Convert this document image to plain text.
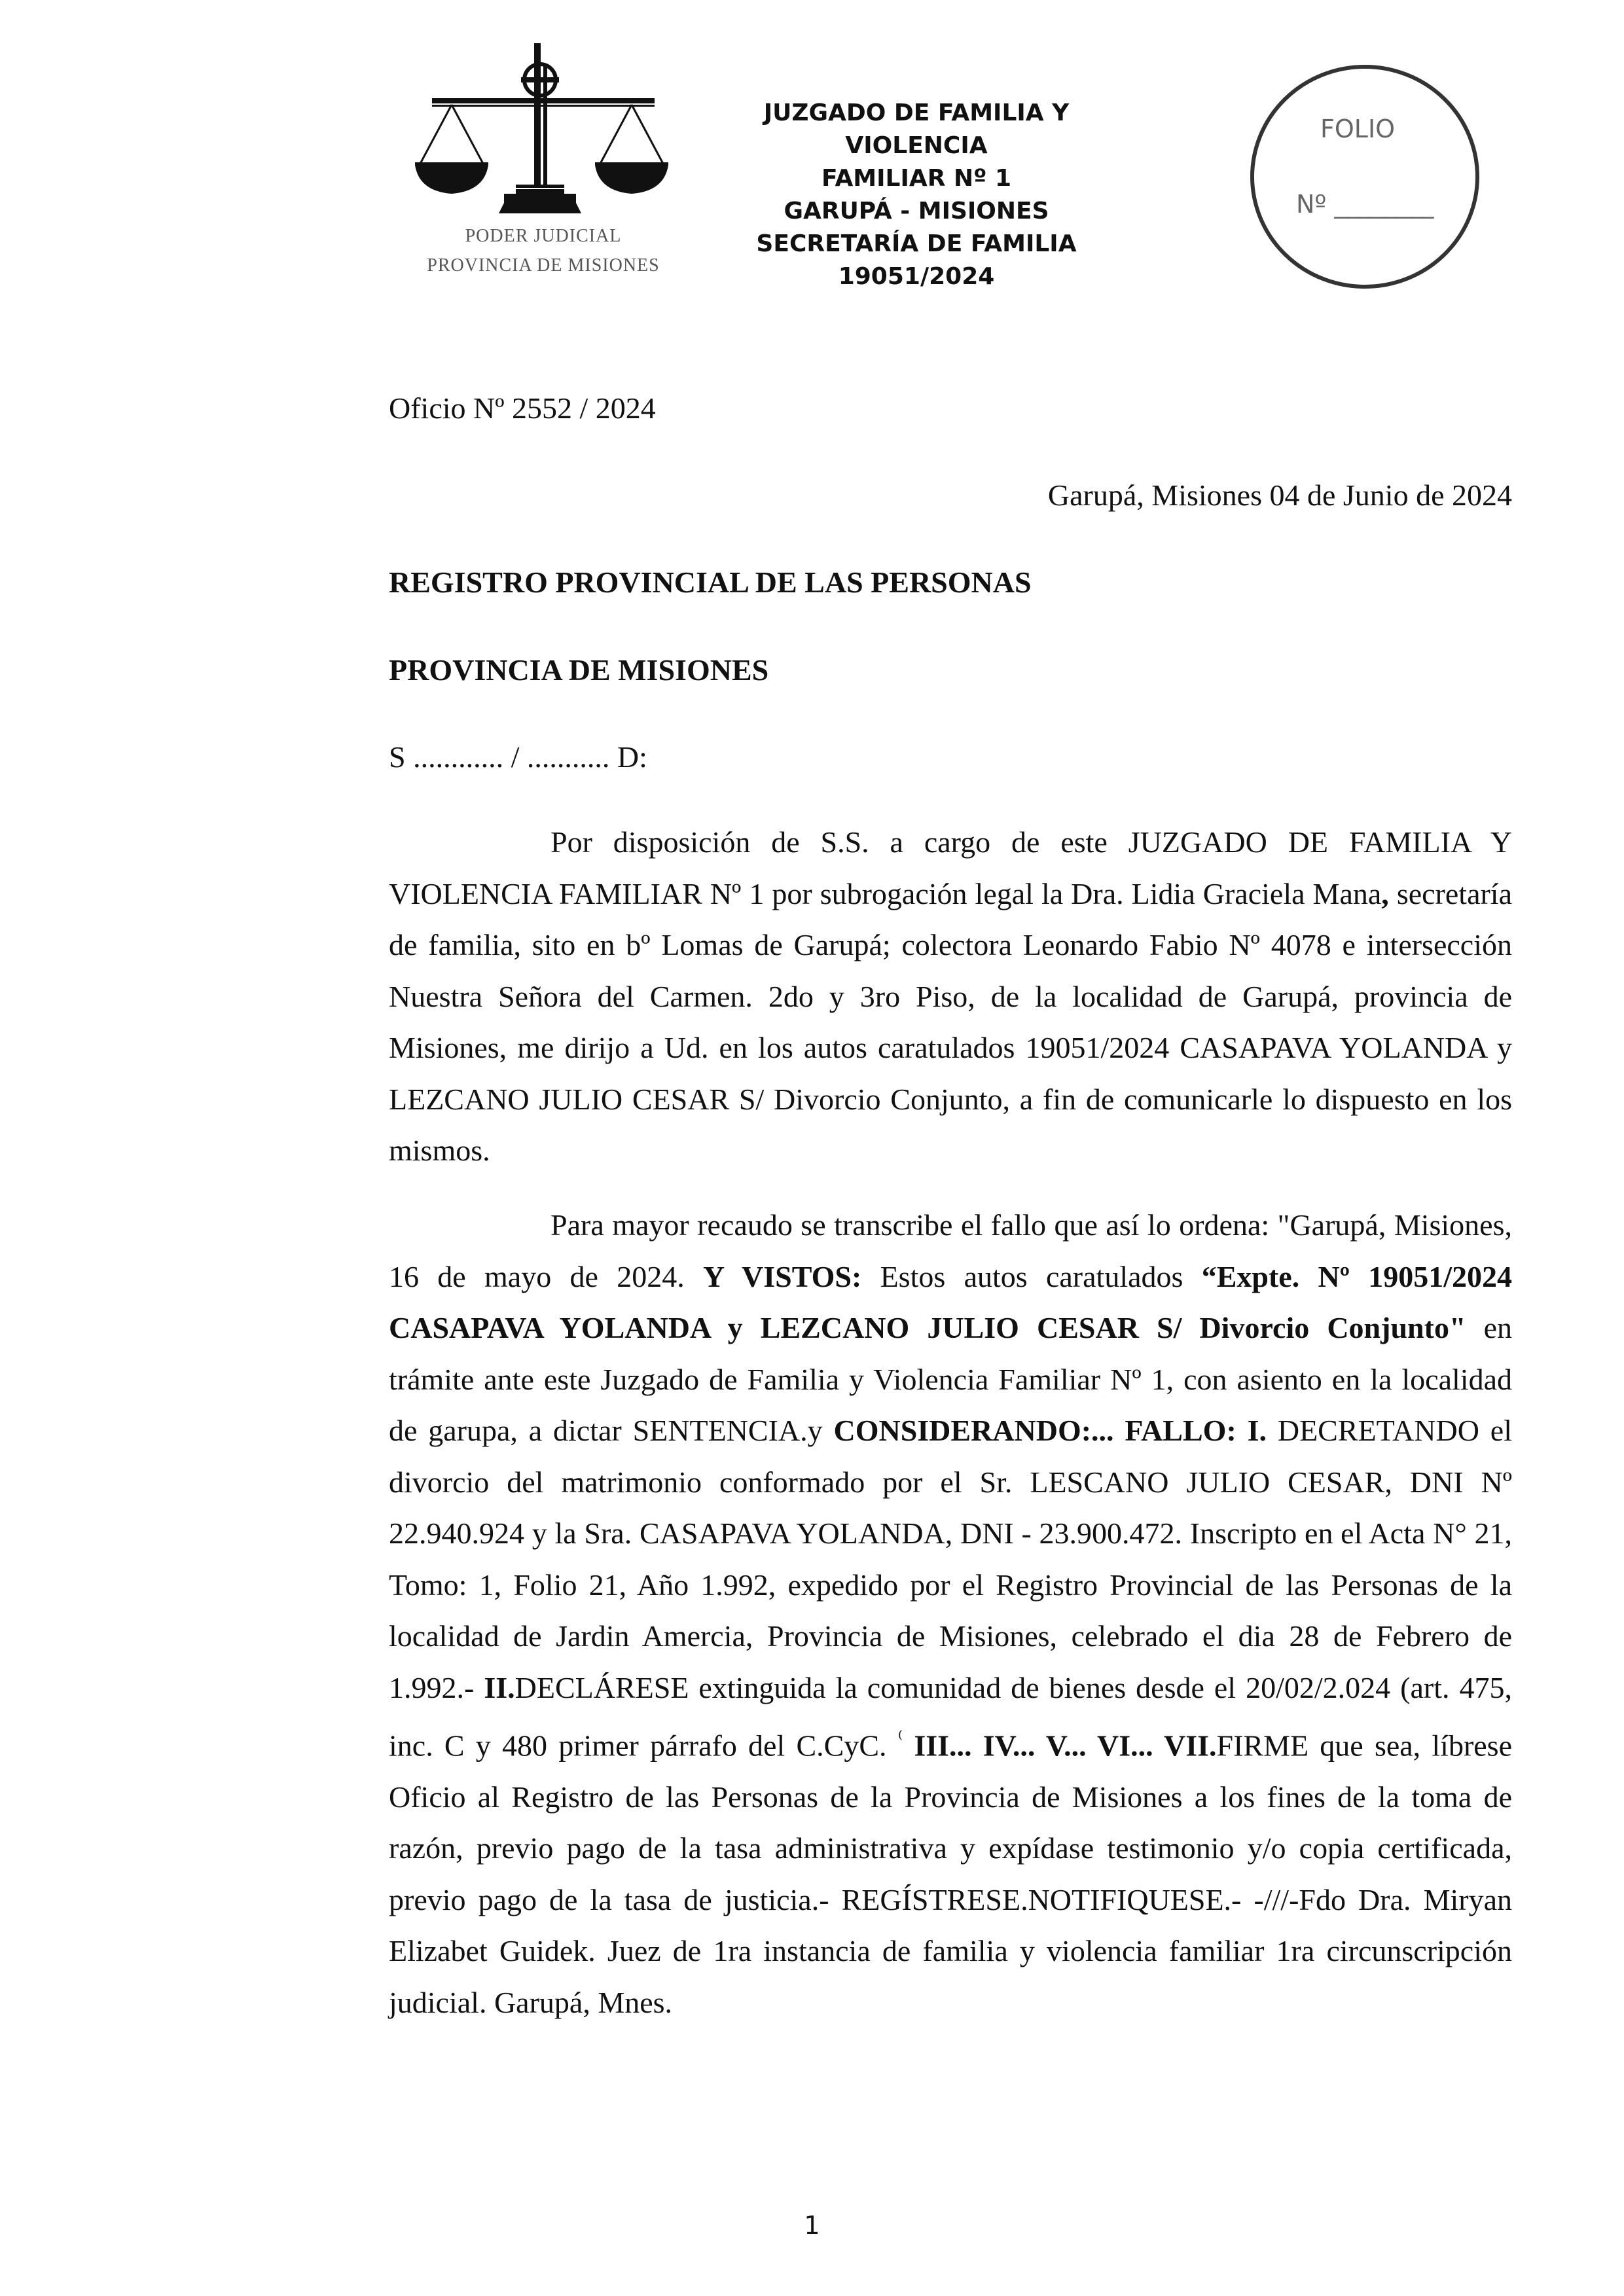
PODER JUDICIAL
PROVINCIA DE MISIONES
JUZGADO DE FAMILIA Y VIOLENCIA
FAMILIAR Nº 1
GARUPÁ - MISIONES
SECRETARÍA DE FAMILIA
19051/2024
FOLIO
Nº ________
Oficio Nº 2552 / 2024
Garupá, Misiones 04 de Junio de 2024
REGISTRO PROVINCIAL DE LAS PERSONAS
PROVINCIA DE MISIONES
S ............ / ........... D:
Por disposición de S.S. a cargo de este JUZGADO DE FAMILIA Y VIOLENCIA FAMILIAR Nº 1 por subrogación legal la Dra. Lidia Graciela Mana, secretaría de familia, sito en bº Lomas de Garupá; colectora Leonardo Fabio Nº 4078 e intersección Nuestra Señora del Carmen. 2do y 3ro Piso, de la localidad de Garupá, provincia de Misiones, me dirijo a Ud. en los autos caratulados 19051/2024 CASAPAVA YOLANDA y LEZCANO JULIO CESAR S/ Divorcio Conjunto, a fin de comunicarle lo dispuesto en los mismos.
Para mayor recaudo se transcribe el fallo que así lo ordena: "Garupá, Misiones, 16 de mayo de 2024. Y VISTOS: Estos autos caratulados “Expte. Nº 19051/2024 CASAPAVA YOLANDA y LEZCANO JULIO CESAR S/ Divorcio Conjunto" en trámite ante este Juzgado de Familia y Violencia Familiar Nº 1, con asiento en la localidad de garupa, a dictar SENTENCIA.y CONSIDERANDO:... FALLO: I. DECRETANDO el divorcio del matrimonio conformado por el Sr. LESCANO JULIO CESAR, DNI Nº 22.940.924 y la Sra. CASAPAVA YOLANDA, DNI - 23.900.472. Inscripto en el Acta N° 21, Tomo: 1, Folio 21, Año 1.992, expedido por el Registro Provincial de las Personas de la localidad de Jardin Amercia, Provincia de Misiones, celebrado el dia 28 de Febrero de 1.992.- II.DECLÁRESE extinguida la comunidad de bienes desde el 20/02/2.024 (art. 475, inc. C y 480 primer párrafo del C.CyC. ⁽ III... IV... V... VI... VII.FIRME que sea, líbrese Oficio al Registro de las Personas de la Provincia de Misiones a los fines de la toma de razón, previo pago de la tasa administrativa y expídase testimonio y/o copia certificada, previo pago de la tasa de justicia.- REGÍSTRESE.NOTIFIQUESE.- -///-Fdo Dra. Miryan Elizabet Guidek. Juez de 1ra instancia de familia y violencia familiar 1ra circunscripción judicial. Garupá, Mnes.
1
